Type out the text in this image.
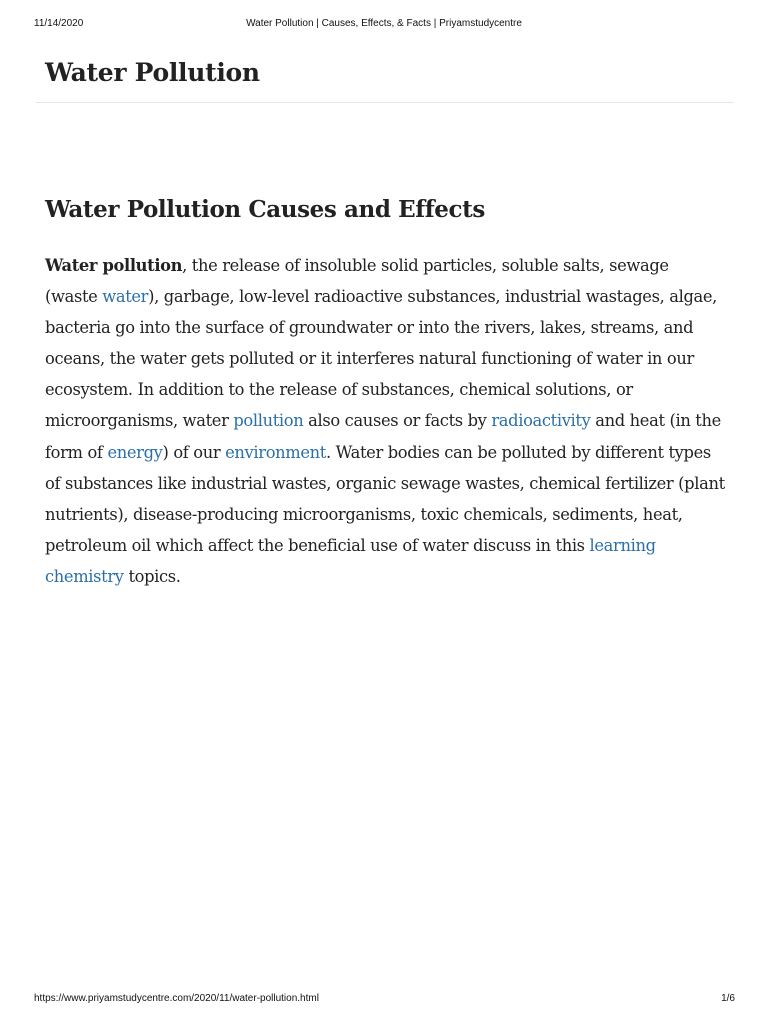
11/14/2020	Water Pollution | Causes, Effects, & Facts | Priyamstudycentre
Water Pollution
Water Pollution Causes and Effects

Water pollution, the release of insoluble solid particles, soluble salts, sewage (waste water), garbage, low-level radioactive substances, industrial wastages, algae, bacteria go into the surface of groundwater or into the rivers, lakes, streams, and oceans, the water gets polluted or it interferes natural functioning of water in our ecosystem. In addition to the release of substances, chemical solutions, or microorganisms, water pollution also causes or facts by radioactivity and heat (in the form of energy) of our environment. Water bodies can be polluted by different types of substances like industrial wastes, organic sewage wastes, chemical fertilizer (plant nutrients), disease-producing microorganisms, toxic chemicals, sediments, heat, petroleum oil which affect the beneficial use of water discuss in this learning chemistry topics.

https://www.priyamstudycentre.com/2020/11/water-pollution.html	1/6
